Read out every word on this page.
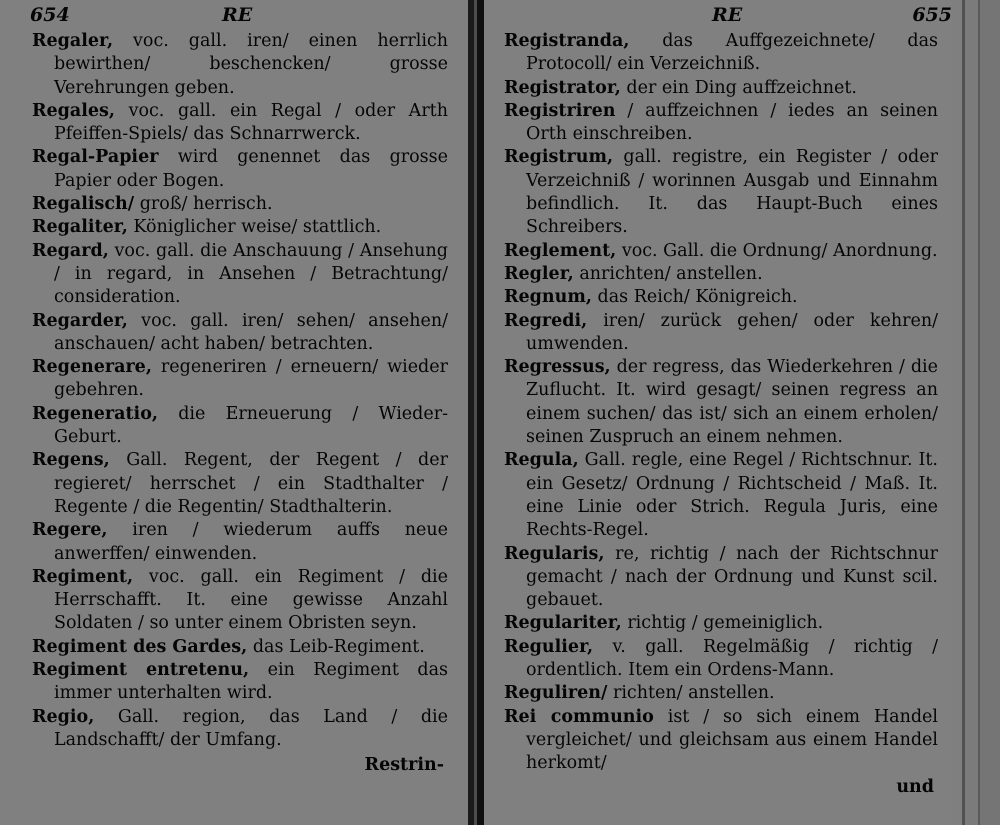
654	RE

Regaler, voc. gall. iren/ einen herrlich bewirthen/ beschencken/ grosse Verehrungen geben.

Regales, voc. gall. ein Regal / oder Arth Pfeiffen-Spiels/ das Schnarrwerck.

Regal-Papier wird genennet das grosse Papier oder Bogen.

Regalisch/ groß/ herrisch.

Regaliter, Königlicher weise/ stattlich.

Regard, voc. gall. die Anschauung / Ansehung / in regard, in Ansehen / Betrachtung/ consideration.

Regarder, voc. gall. iren/ sehen/ ansehen/ anschauen/ acht haben/ betrachten.

Regenerare, regeneriren / erneuern/ wieder gebehren.

Regeneratio, die Erneuerung / Wieder-Geburt.

Regens, Gall. Regent, der Regent / der regieret/ herrschet / ein Stadthalter / Regente / die Regentin/ Stadthalterin.

Regere, iren / wiederum auffs neue anwerffen/ einwenden.

Regiment, voc. gall. ein Regiment / die Herrschafft. It. eine gewisse Anzahl Soldaten / so unter einem Obristen seyn.

Regiment des Gardes, das Leib-Regiment.

Regiment entretenu, ein Regiment das immer unterhalten wird.

Regio, Gall. region, das Land / die Landschafft/ der Umfang.

Restrin-
RE	655

Registranda, das Auffgezeichnete/ das Protocoll/ ein Verzeichniß.

Registrator, der ein Ding auffzeichnet.

Registriren / auffzeichnen / iedes an seinen Orth einschreiben.

Registrum, gall. registre, ein Register / oder Verzeichniß / worinnen Ausgab und Einnahm befindlich. It. das Haupt-Buch eines Schreibers.

Reglement, voc. Gall. die Ordnung/ Anordnung.

Regler, anrichten/ anstellen.

Regnum, das Reich/ Königreich.

Regredi, iren/ zurück gehen/ oder kehren/ umwenden.

Regressus, der regress, das Wiederkehren / die Zuflucht. It. wird gesagt/ seinen regress an einem suchen/ das ist/ sich an einem erholen/ seinen Zuspruch an einem nehmen.

Regula, Gall. regle, eine Regel / Richtschnur. It. ein Gesetz/ Ordnung / Richtscheid / Maß. It. eine Linie oder Strich. Regula Juris, eine Rechts-Regel.

Regularis, re, richtig / nach der Richtschnur gemacht / nach der Ordnung und Kunst scil. gebauet.

Regulariter, richtig / gemeiniglich.

Regulier, v. gall. Regelmäßig / richtig / ordentlich. Item ein Ordens-Mann.

Reguliren/ richten/ anstellen.

Rei communio ist / so sich einem Handel vergleichet/ und gleichsam aus einem Handel herkomt/

und
